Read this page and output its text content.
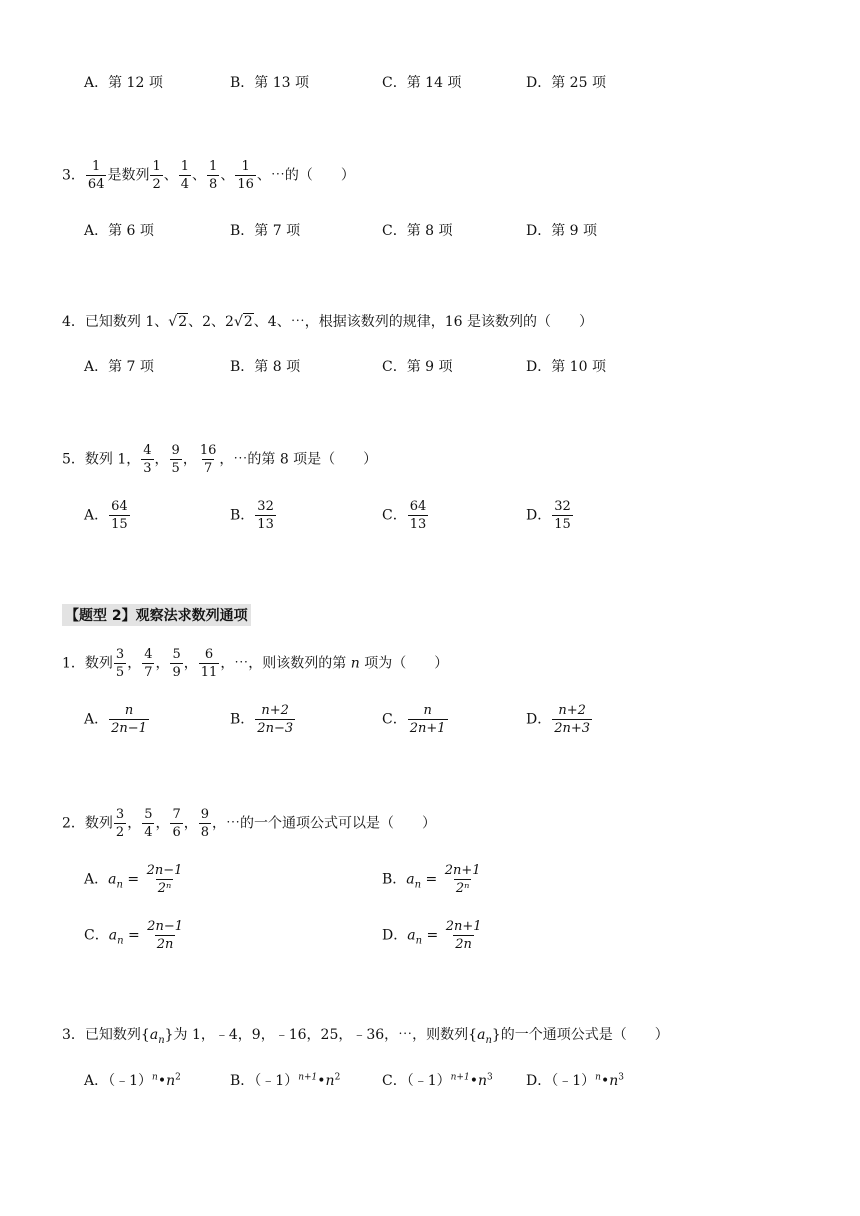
A．第 12 项	B．第 13 项	C．第 14 项	D．第 25 项
3． $\frac{1}{64}$ 是数列 $\frac{1}{2}$ 、 $\frac{1}{4}$ 、 $\frac{1}{8}$ 、 $\frac{1}{16}$ 、⋯的（　　）
A．第 6 项	B．第 7 项	C．第 8 项	D．第 9 项
4．已知数列 1、√2、2、2√2、4、⋯，根据该数列的规律，16 是该数列的（　　）
A．第 7 项	B．第 8 项	C．第 9 项	D．第 10 项
5．数列 1， $\frac{4}{3}$ ， $\frac{9}{5}$ ， $\frac{16}{7}$ ，⋯的第 8 项是（　　）
A． $\frac{64}{15}$	B． $\frac{32}{13}$	C． $\frac{64}{13}$	D． $\frac{32}{15}$
【题型 2】观察法求数列通项
1．数列 $\frac{3}{5}$ ， $\frac{4}{7}$ ， $\frac{5}{9}$ ， $\frac{6}{11}$ ，⋯，则该数列的第 n 项为（　　）
A． $\frac{n}{2n-1}$	B． $\frac{n+2}{2n-3}$	C． $\frac{n}{2n+1}$	D． $\frac{n+2}{2n+3}$
2．数列 $\frac{3}{2}$ ， $\frac{5}{4}$ ， $\frac{7}{6}$ ， $\frac{9}{8}$ ，⋯的一个通项公式可以是（　　）
A．$a_n = \frac{2n-1}{\text{2ⁿ}}$	B．$a_n = \frac{2n+1}{\text{2ⁿ}}$
C．$a_n = \frac{2n-1}{2n}$	D．$a_n = \frac{2n+1}{2n}$
3．已知数列$\{a_n\}$为 1，﹣4，9，﹣16，25，﹣36，⋯，则数列$\{a_n\}$的一个通项公式是（　　）
A．$(﹣1)^n•n^2$	B．$(﹣1)^{n+1}•n^2$	C．$(﹣1)^{n+1}•n^3$ D．$(﹣1)^n•n^3$
